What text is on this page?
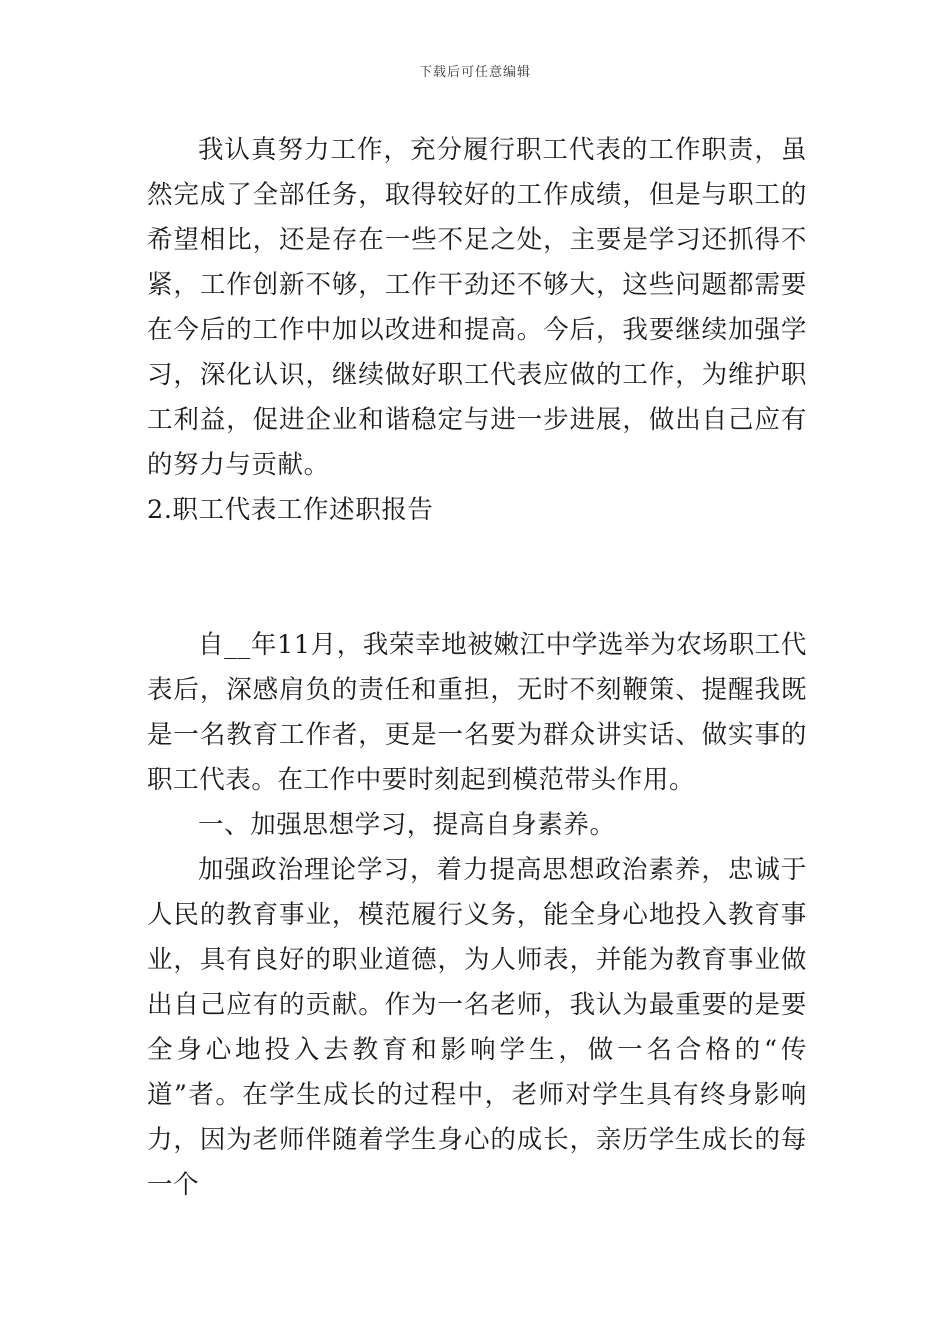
下载后可任意编辑

我认真努力工作，充分履行职工代表的工作职责，虽然完成了全部任务，取得较好的工作成绩，但是与职工的希望相比，还是存在一些不足之处，主要是学习还抓得不紧，工作创新不够，工作干劲还不够大，这些问题都需要在今后的工作中加以改进和提高。今后，我要继续加强学习，深化认识，继续做好职工代表应做的工作，为维护职工利益，促进企业和谐稳定与进一步进展，做出自己应有的努力与贡献。

2.职工代表工作述职报告

自__年11月，我荣幸地被嫩江中学选举为农场职工代表后，深感肩负的责任和重担，无时不刻鞭策、提醒我既是一名教育工作者，更是一名要为群众讲实话、做实事的职工代表。在工作中要时刻起到模范带头作用。

一、加强思想学习，提高自身素养。

加强政治理论学习，着力提高思想政治素养，忠诚于人民的教育事业，模范履行义务，能全身心地投入教育事业，具有良好的职业道德，为人师表，并能为教育事业做出自己应有的贡献。作为一名老师，我认为最重要的是要全身心地投入去教育和影响学生，做一名合格的“传道”者。在学生成长的过程中，老师对学生具有终身影响力，因为老师伴随着学生身心的成长，亲历学生成长的每一个
